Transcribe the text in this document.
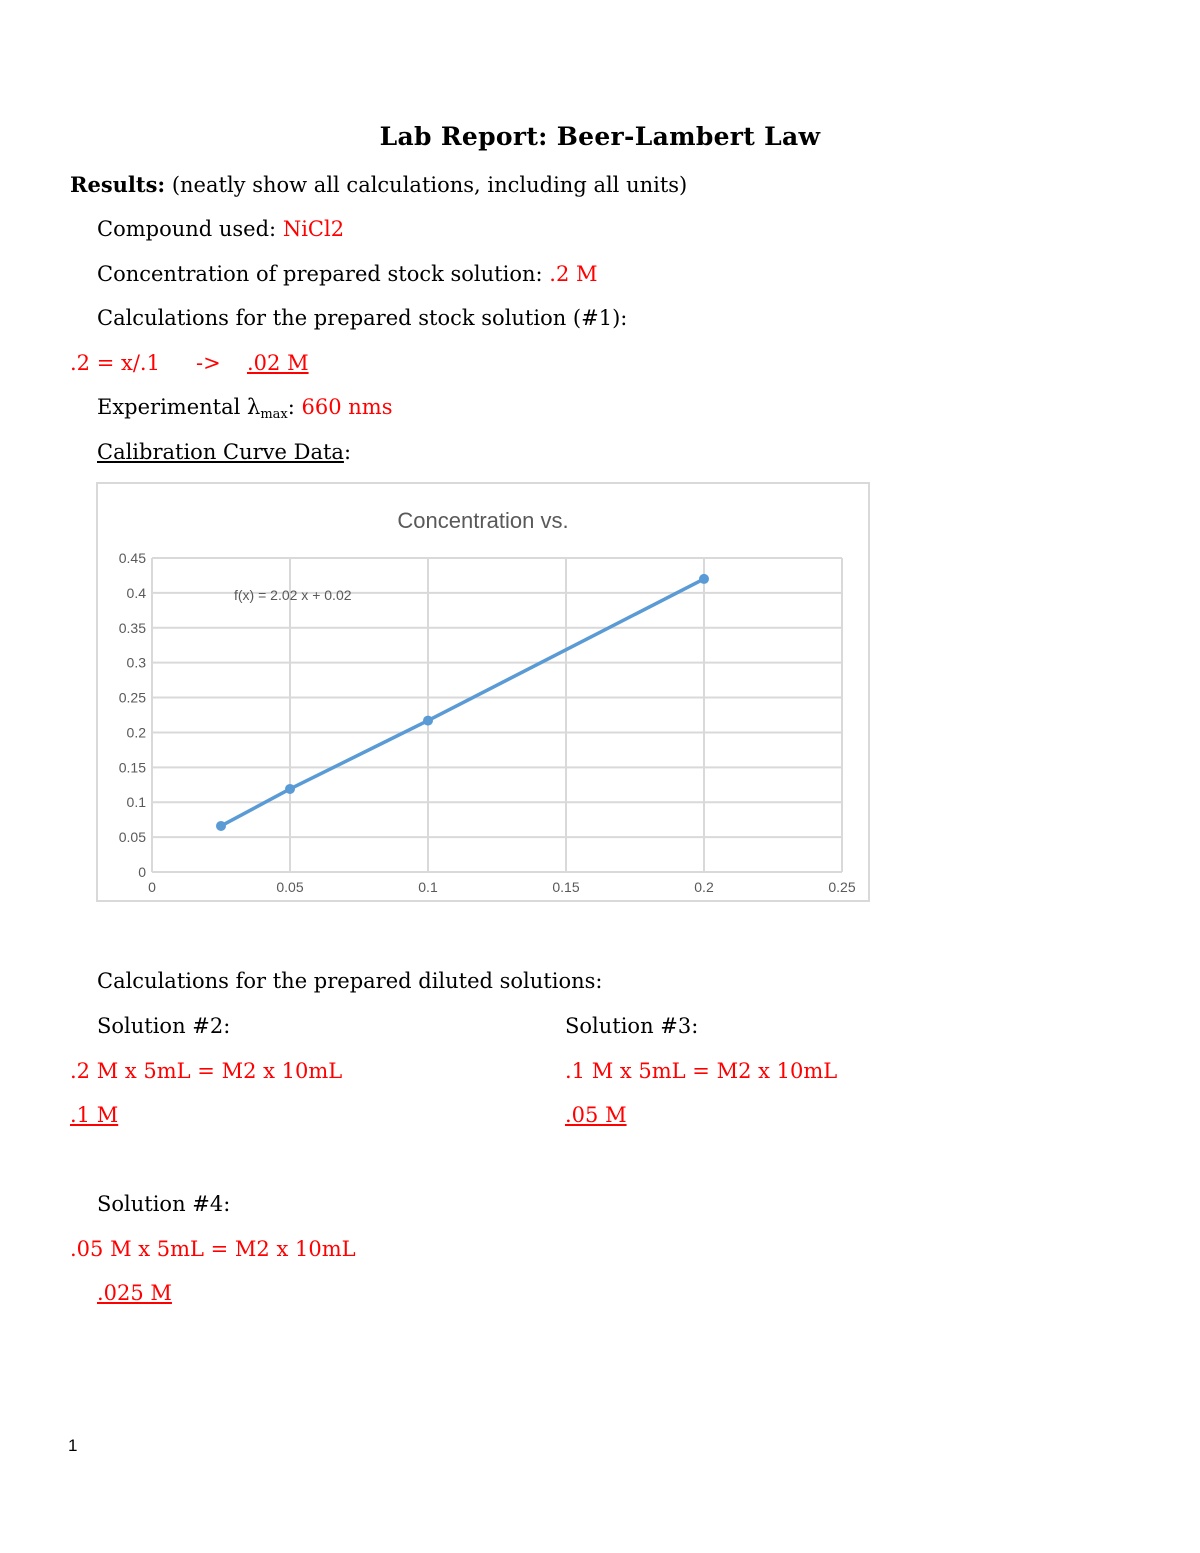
Lab Report: Beer-Lambert Law
Results: (neatly show all calculations, including all units)
Compound used: NiCl2
Concentration of prepared stock solution: .2 M
Calculations for the prepared stock solution (#1):
.2 = x/.1 -> .02 M
Experimental $\lambda_{max}$: 660 nms
Calibration Curve Data:
Concentration vs.
0
0.05
0.1
0.15
0.2
0.25
0.3
0.35
0.4
0.45
0	0.05	0.1	0.15	0.2	0.25
f(x) = 2.02 x + 0.02
Calculations for the prepared diluted solutions:
Solution #2:
.2 M x 5mL = M2 x 10mL
.1 M
Solution #3:
.1 M x 5mL = M2 x 10mL
.05 M
Solution #4:
.05 M x 5mL = M2 x 10mL
.025 M
1
